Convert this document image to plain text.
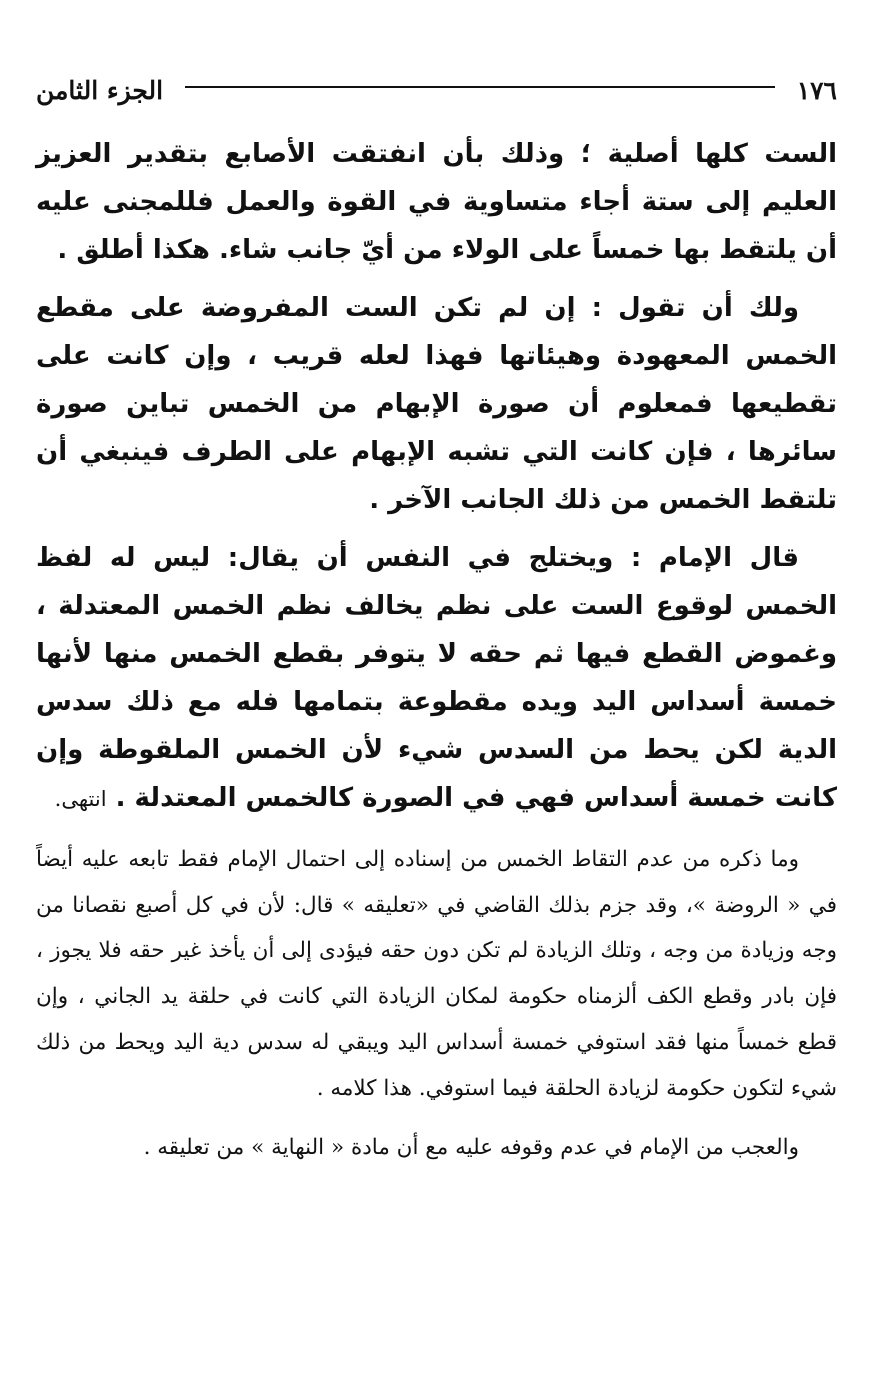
١٧٦
الجزء الثامن

الست كلها أصلية ؛ وذلك بأن انفتقت الأصابع بتقدير العزيز العليم إلى ستة أجاء متساوية في القوة والعمل فللمجنى عليه أن يلتقط بها خمساً على الولاء من أيّ جانب شاء. هكذا أطلق .

ولك أن تقول : إن لم تكن الست المفروضة على مقطع الخمس المعهودة وهيئاتها فهذا لعله قريب ، وإن كانت على تقطيعها فمعلوم أن صورة الإبهام من الخمس تباين صورة سائرها ، فإن كانت التي تشبه الإبهام على الطرف فينبغي أن تلتقط الخمس من ذلك الجانب الآخر .

قال الإمام : ويختلج في النفس أن يقال: ليس له لفظ الخمس لوقوع الست على نظم يخالف نظم الخمس المعتدلة ، وغموض القطع فيها ثم حقه لا يتوفر بقطع الخمس منها لأنها خمسة أسداس اليد ويده مقطوعة بتمامها فله مع ذلك سدس الدية لكن يحط من السدس شيء لأن الخمس الملقوطة وإن كانت خمسة أسداس فهي في الصورة كالخمس المعتدلة . انتهى.

وما ذكره من عدم التقاط الخمس من إسناده إلى احتمال الإمام فقط تابعه عليه أيضاً في « الروضة »، وقد جزم بذلك القاضي في «تعليقه » قال: لأن في كل أصبع نقصانا من وجه وزيادة من وجه ، وتلك الزيادة لم تكن دون حقه فيؤدى إلى أن يأخذ غير حقه فلا يجوز ، فإن بادر وقطع الكف ألزمناه حكومة لمكان الزيادة التي كانت في حلقة يد الجاني ، وإن قطع خمساً منها فقد استوفي خمسة أسداس اليد ويبقي له سدس دية اليد ويحط من ذلك شيء لتكون حكومة لزيادة الحلقة فيما استوفي. هذا كلامه .

والعجب من الإمام في عدم وقوفه عليه مع أن مادة « النهاية » من تعليقه .
